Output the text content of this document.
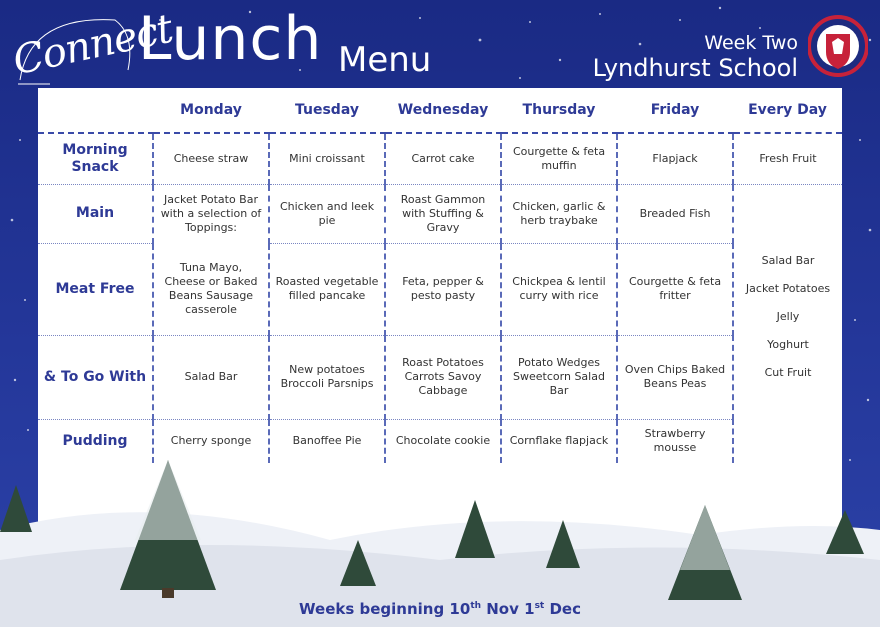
Connect
Lunch Menu	Week Two
Lyndhurst School
	Monday	Tuesday	Wednesday	Thursday	Friday	Every Day
Morning Snack	Cheese straw	Mini croissant	Carrot cake	Courgette & feta muffin	Flapjack	Fresh Fruit
Main	Jacket Potato Bar with a selection of Toppings:	Chicken and leek pie	Roast Gammon with Stuffing & Gravy	Chicken, garlic & herb traybake	Breaded Fish	Salad Bar
Jacket Potatoes
Jelly
Yoghurt
Cut Fruit

Meat Free	Tuna Mayo, Cheese or Baked Beans Sausage casserole	Roasted vegetable filled pancake	Feta, pepper & pesto pasty	Chickpea & lentil curry with rice	Courgette & feta fritter	
& To Go With	Salad Bar	New potatoes Broccoli Parsnips	Roast Potatoes Carrots Savoy Cabbage	Potato Wedges Sweetcorn Salad Bar	Oven Chips Baked Beans Peas	
Pudding	Cherry sponge	Banoffee Pie	Chocolate cookie	Cornflake flapjack	Strawberry mousse	
Weeks beginning 10th Nov 1st Dec
